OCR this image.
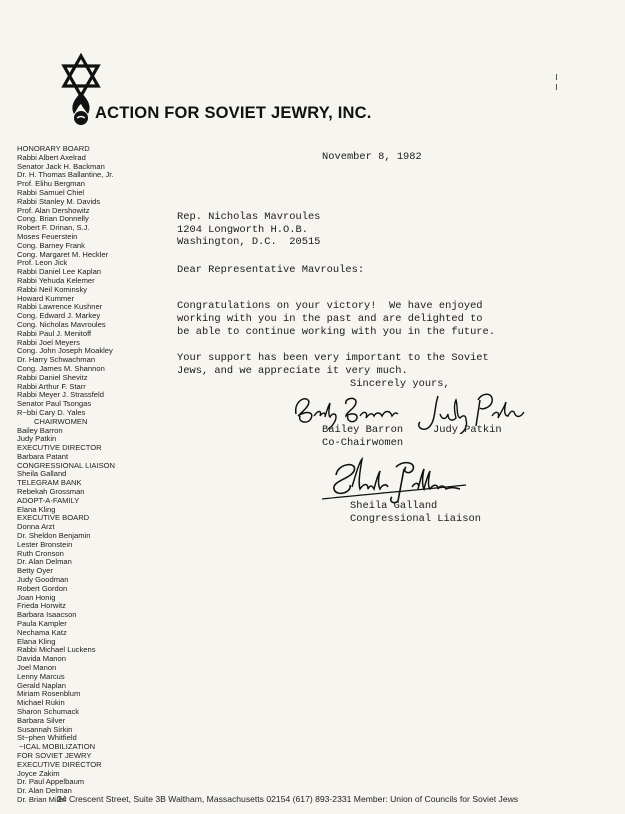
ACTION FOR SOVIET JEWRY, INC.
HONORARY BOARD
Rabbi Albert Axelrad
Senator Jack H. Backman
Dr. H. Thomas Ballantine, Jr.
Prof. Elihu Bergman
Rabbi Samuel Chiel
Rabbi Stanley M. Davids
Prof. Alan Dershowitz
Cong. Brian Donnelly
Robert F. Drinan, S.J.
Moses Feuerstein
Cong. Barney Frank
Cong. Margaret M. Heckler
Prof. Leon Jick
Rabbi Daniel Lee Kaplan
Rabbi Yehuda Kelemer
Rabbi Neil Kominsky
Howard Kummer
Rabbi Lawrence Kushner
Cong. Edward J. Markey
Cong. Nicholas Mavroules
Rabbi Paul J. Menitoff
Rabbi Joel Meyers
Cong. John Joseph Moakley
Dr. Harry Schwachman
Cong. James M. Shannon
Rabbi Daniel Shevitz
Rabbi Arthur F. Starr
Rabbi Meyer J. Strassfeld
Senator Paul Tsongas
R~bbi Cary D. Yales
CHAIRWOMEN
Bailey Barron
Judy Patkin
EXECUTIVE DIRECTOR
Barbara Patant
CONGRESSIONAL LIAISON
Sheila Galland
TELEGRAM BANK
Rebekah Grossman
ADOPT-A-FAMILY
Elana Kling
EXECUTIVE BOARD
Donna Arzt
Dr. Sheldon Benjamin
Lester Bronstein
Ruth Cronson
Dr. Alan Delman
Betty Oyer
Judy Goodman
Robert Gordon
Joan Honig
Frieda Horwitz
Barbara Isaacson
Paula Kampler
Nechama Katz
Elana Kling
Rabbi Michael Luckens
Davida Manon
Joel Manon
Lenny Marcus
Gerald Naplan
Miriam Rosenblum
Michael Rukin
Sharon Schumack
Barbara Silver
Susannah Sirkin
St~phen Whitfield
~ICAL MOBILIZATION
FOR SOVIET JEWRY
EXECUTIVE DIRECTOR
Joyce Zakim
Dr. Paul Appelbaum
Dr. Alan Delman
Dr. Brian Miller
November 8, 1982
Rep. Nicholas Mavroules
1204 Longworth H.O.B.
Washington, D.C.  20515
Dear Representative Mavroules:
Congratulations on your victory!  We have enjoyed
working with you in the past and are delighted to
be able to continue working with you in the future.
Your support has been very important to the Soviet
Jews, and we appreciate it very much.
Sincerely yours,
Bailey Barron
Co-Chairwomen
Judy Patkin
Sheila Galland
Congressional Liaison
24 Crescent Street, Suite 3B Waltham, Massachusetts 02154 (617) 893-2331 Member: Union of Councils for Soviet Jews
